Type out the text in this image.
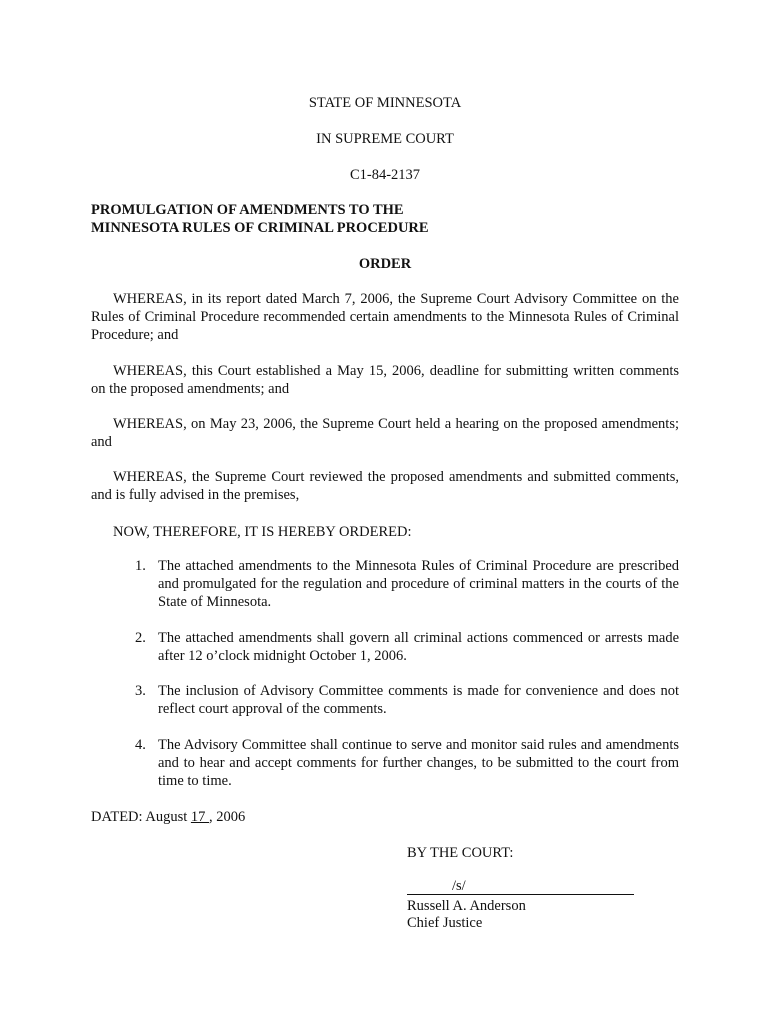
STATE OF MINNESOTA
IN SUPREME COURT
C1-84-2137
PROMULGATION OF AMENDMENTS TO THE
MINNESOTA RULES OF CRIMINAL PROCEDURE
ORDER
WHEREAS, in its report dated March 7, 2006, the Supreme Court Advisory Committee on the Rules of Criminal Procedure recommended certain amendments to the Minnesota Rules of Criminal Procedure; and
WHEREAS, this Court established a May 15, 2006, deadline for submitting written comments on the proposed amendments; and
WHEREAS, on May 23, 2006, the Supreme Court held a hearing on the proposed amendments; and
WHEREAS, the Supreme Court reviewed the proposed amendments and submitted comments, and is fully advised in the premises,
NOW, THEREFORE, IT IS HEREBY ORDERED:
1. The attached amendments to the Minnesota Rules of Criminal Procedure are prescribed and promulgated for the regulation and procedure of criminal matters in the courts of the State of Minnesota.
2. The attached amendments shall govern all criminal actions commenced or arrests made after 12 o’clock midnight October 1, 2006.
3. The inclusion of Advisory Committee comments is made for convenience and does not reflect court approval of the comments.
4. The Advisory Committee shall continue to serve and monitor said rules and amendments and to hear and accept comments for further changes, to be submitted to the court from time to time.
DATED: August 17 , 2006
BY THE COURT:
/s/
Russell A. Anderson
Chief Justice
